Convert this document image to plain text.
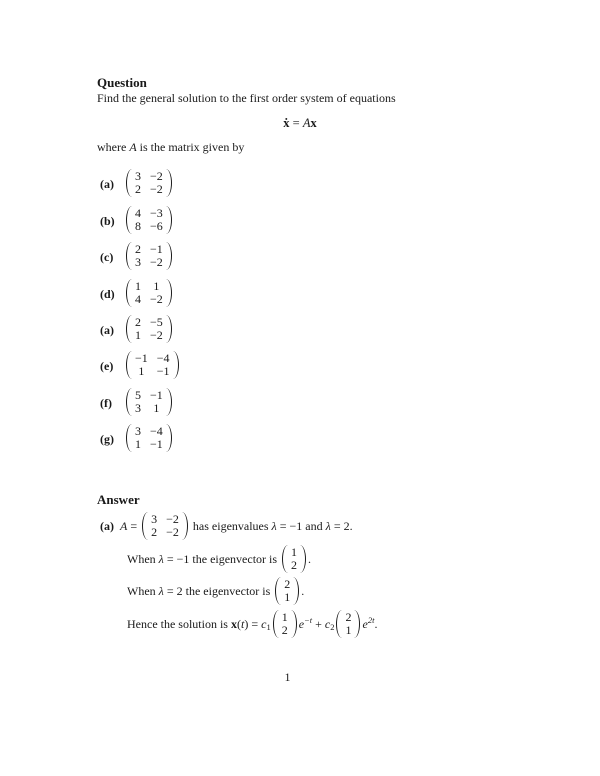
Question
Find the general solution to the first order system of equations
ẋ = Ax
where A is the matrix given by
(a)
3 −2
2 −2
(b)
4 −3
8 −6
(c)
2 −1
3 −2
(d)
1 1
4 −2
(a)
2 −5
1 −2
(e)
−1 −4
1 −1
(f)
5 −1
3 1
(g)
3 −4
1 −1
Answer
(a) A = 3 −2
2 −2 has eigenvalues λ = −1 and λ = 2.
When λ = −1 the eigenvector is 1
2 .
When λ = 2 the eigenvector is 2
1 .
Hence the solution is $x(t) = c_1$
1
2 $e^{-t} + c_2$
2
1 $e^{2t}$.
1
